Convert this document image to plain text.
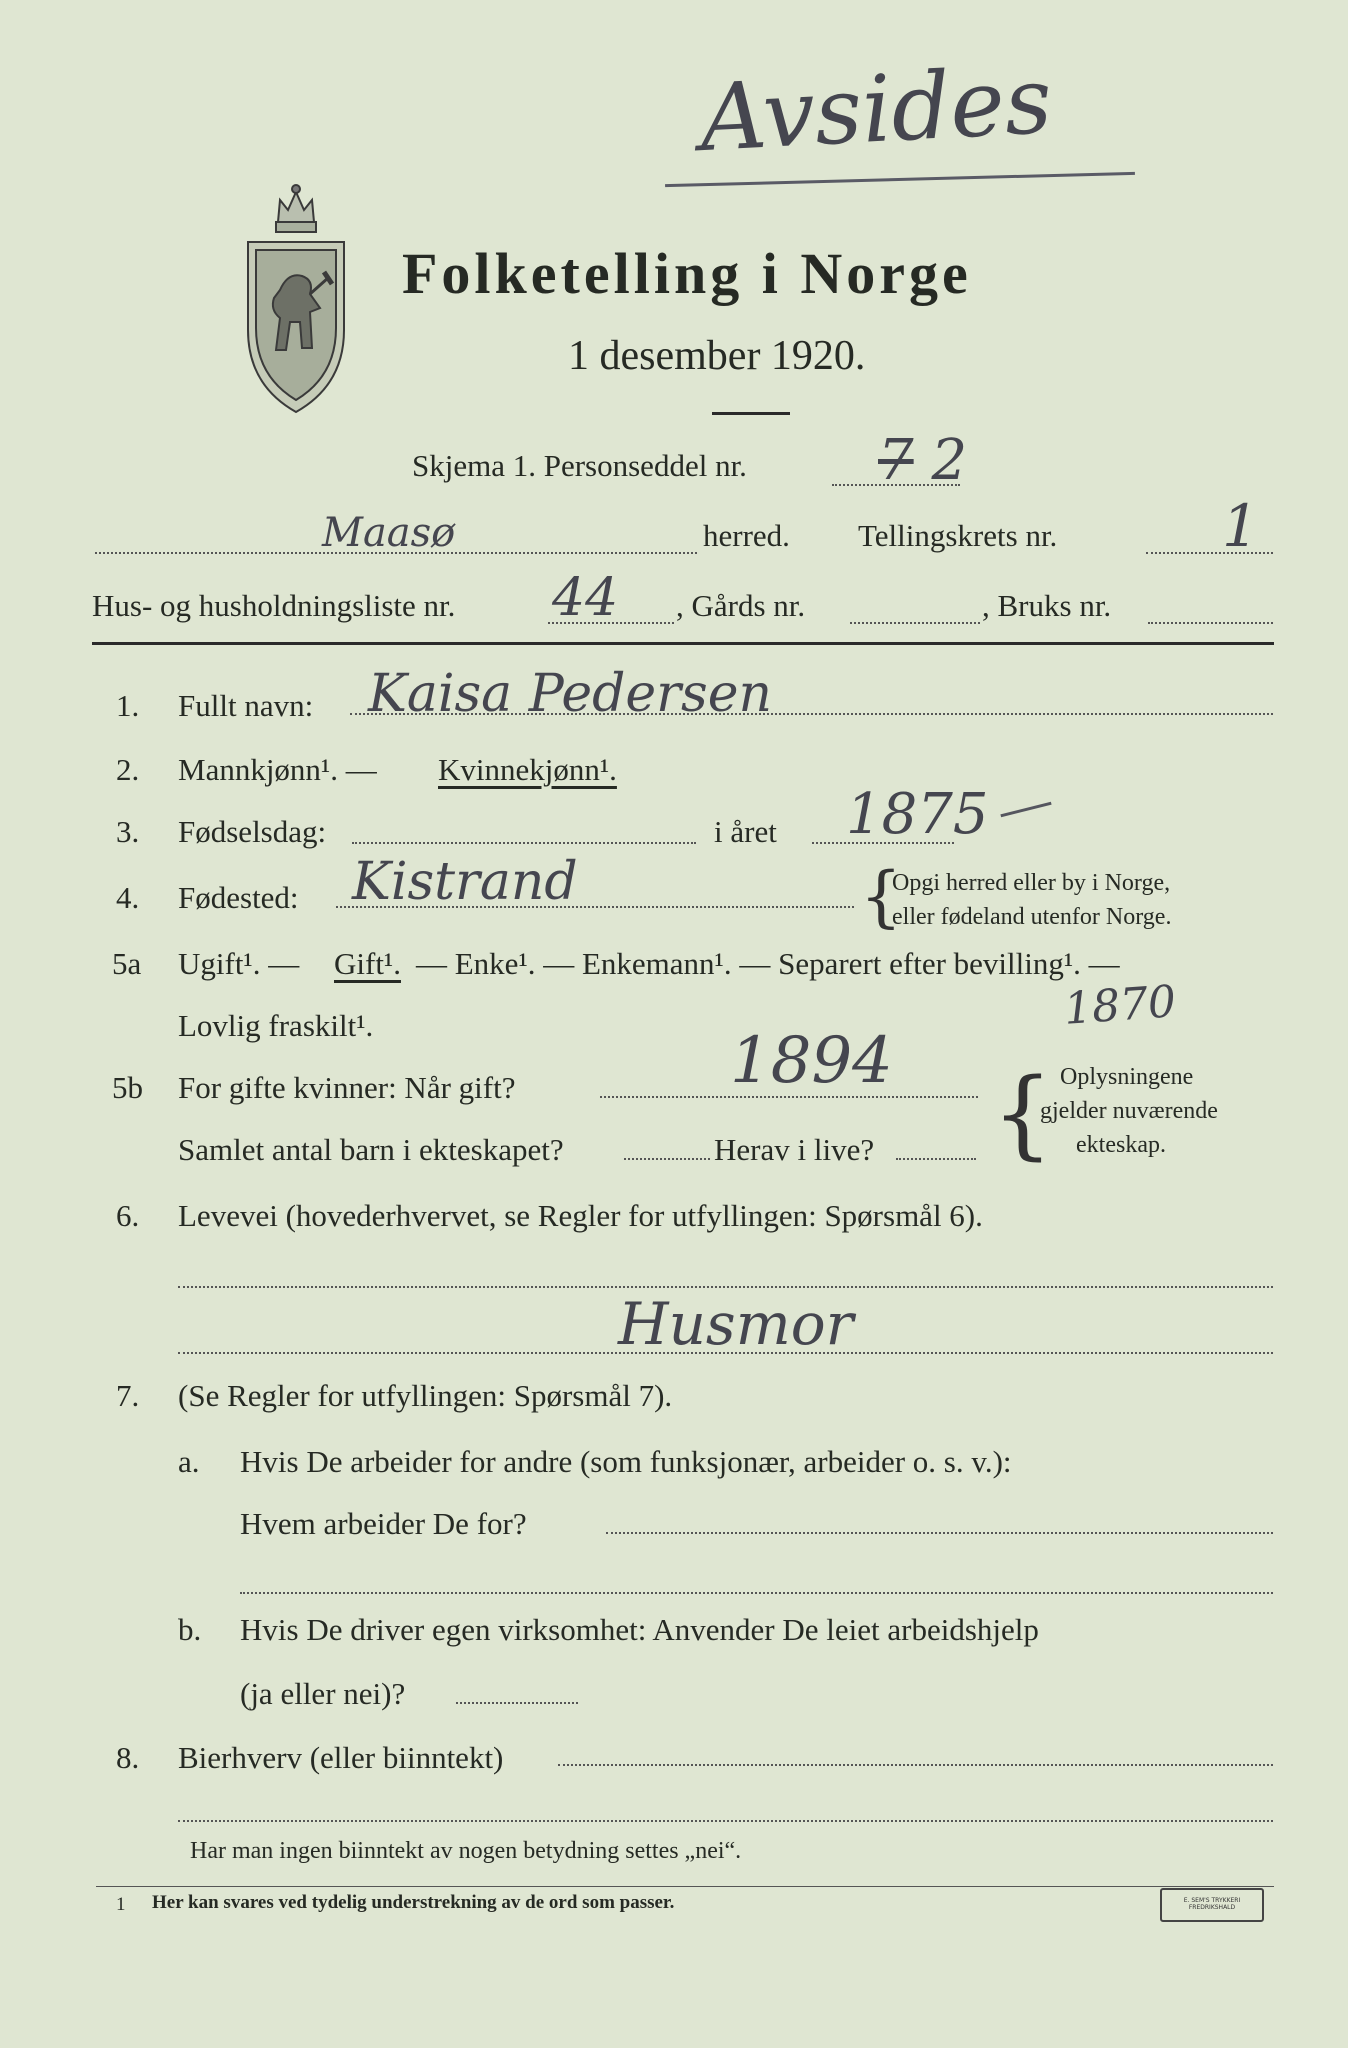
Avsides
Folketelling i Norge
1 desember 1920.
Skjema 1. Personseddel nr. 7 2
Maasø	herred. Tellingskrets nr.	1
Hus- og husholdningsliste nr. 44 , Gårds nr.	, Bruks nr.
1. Fullt navn: Kaisa Pedersen
2. Mannkjønn¹. — Kvinnekjønn¹.
3. Fødselsdag:	i året 1875
4. Fødested: Kistrand	{
Opgi herred eller by i Norge,
eller fødeland utenfor Norge.
5a Ugift¹. — Gift¹. — Enke¹. — Enkemann¹. — Separert efter bevilling¹. —
Lovlig fraskilt¹.	1870
5b For gifte kvinner: Når gift?	1894
Samlet antal barn i ekteskapet?	Herav i live? { Oplysningene
gjelder nuværende
ekteskap.
6. Levevei (hovederhvervet, se Regler for utfyllingen: Spørsmål 6).
Husmor
7. (Se Regler for utfyllingen: Spørsmål 7).
a. Hvis De arbeider for andre (som funksjonær, arbeider o. s. v.):
Hvem arbeider De for?
b. Hvis De driver egen virksomhet: Anvender De leiet arbeidshjelp
(ja eller nei)?
8. Bierhverv (eller biinntekt)
Har man ingen biinntekt av nogen betydning settes „nei“.
1 Her kan svares ved tydelig understrekning av de ord som passer.	E. SEM'S TRYKKERI FREDRIKSHALD
